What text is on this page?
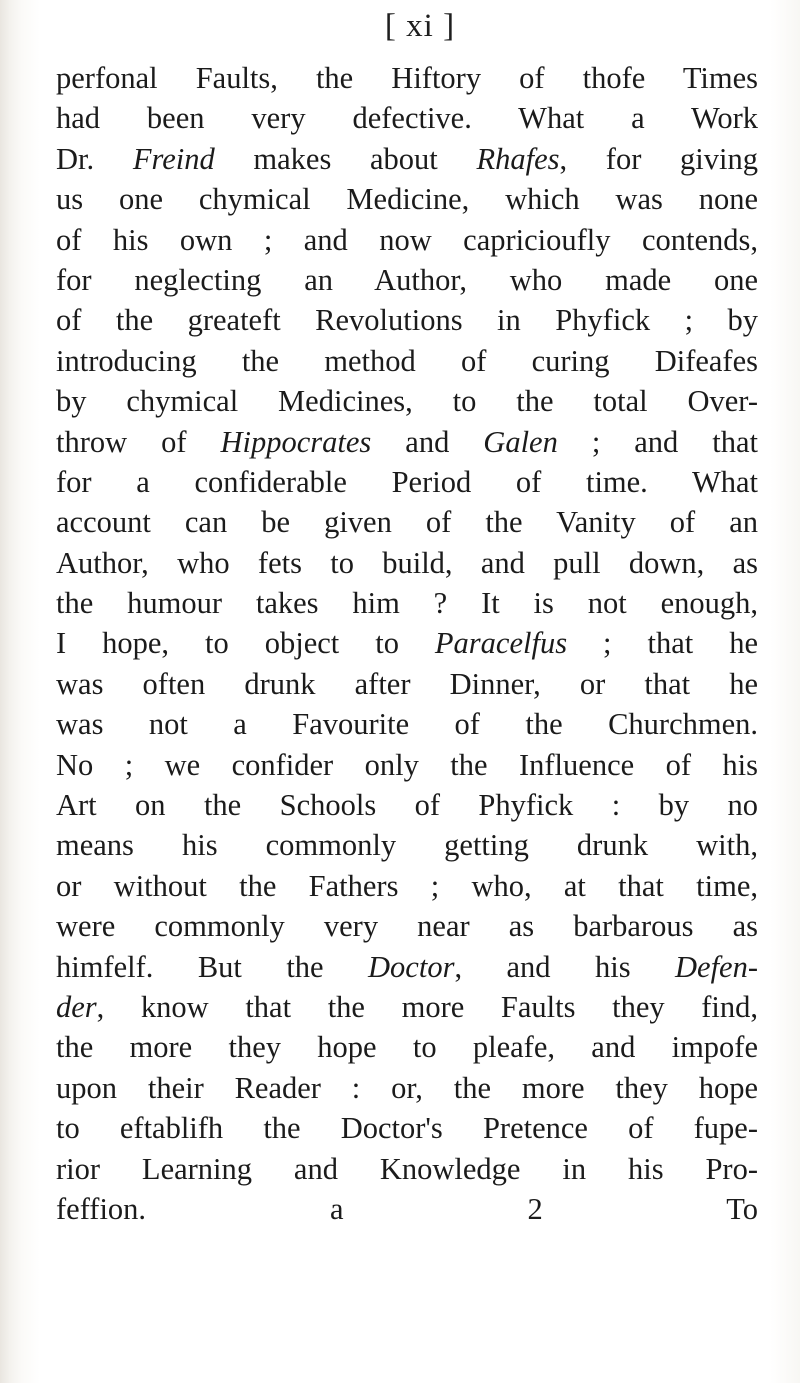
[ xi ]
perfonal Faults, the Hiftory of thofe Times
had been very defective. What a Work
Dr. Freind makes about Rhafes, for giving
us one chymical Medicine, which was none
of his own ; and now capricioufly contends,
for neglecting an Author, who made one
of the greateft Revolutions in Phyfick ; by
introducing the method of curing Difeafes
by chymical Medicines, to the total Over-
throw of Hippocrates and Galen ; and that
for a confiderable Period of time. What
account can be given of the Vanity of an
Author, who fets to build, and pull down, as
the humour takes him ? It is not enough,
I hope, to object to Paracelfus ; that he
was often drunk after Dinner, or that he
was not a Favourite of the Churchmen.
No ; we confider only the Influence of his
Art on the Schools of Phyfick : by no
means his commonly getting drunk with,
or without the Fathers ; who, at that time,
were commonly very near as barbarous as
himfelf. But the Doctor, and his Defen-
der, know that the more Faults they find,
the more they hope to pleafe, and impofe
upon their Reader : or, the more they hope
to eftablifh the Doctor's Pretence of fupe-
rior Learning and Knowledge in his Pro-
feffion. a 2 To
